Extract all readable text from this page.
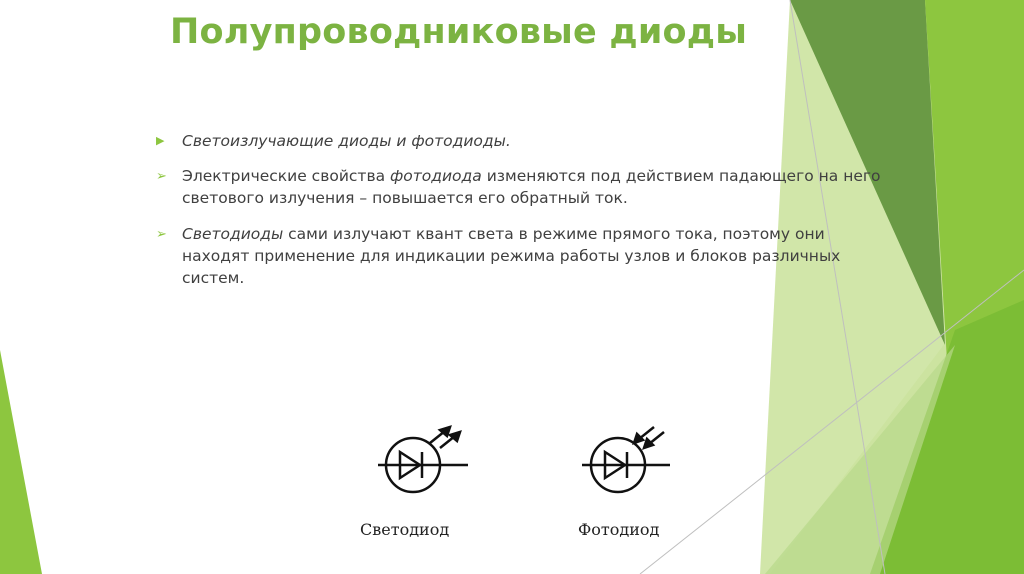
Полупроводниковые диоды
▶ Светоизлучающие диоды и фотодиоды.
➢ Электрические свойства фотодиода изменяются под действием падающего на него светового излучения – повышается его обратный ток.
➢ Светодиоды сами излучают квант света в режиме прямого тока, поэтому они находят применение для индикации режима работы узлов и блоков различных систем.
Светодиод	Фотодиод
